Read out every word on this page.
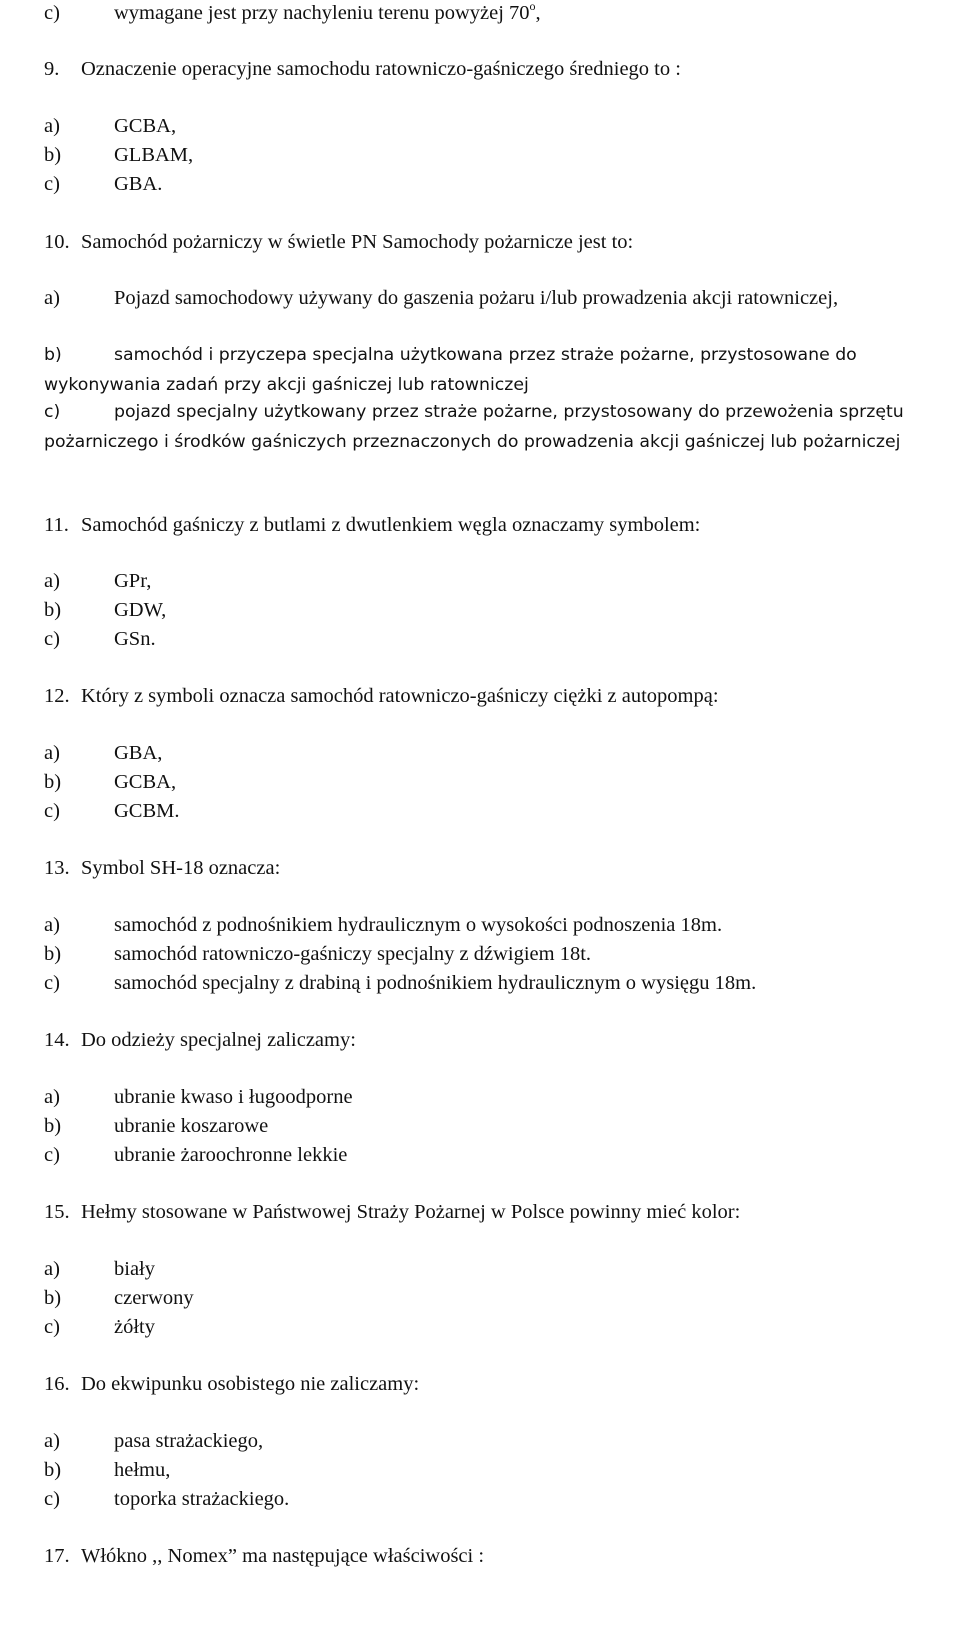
c)	wymagane jest przy nachyleniu terenu powyżej 70$^o$,
9. Oznaczenie operacyjne samochodu ratowniczo-gaśniczego średniego to :
a)	GCBA,
b)	GLBAM,
c)	GBA.
10. Samochód pożarniczy w świetle PN Samochody pożarnicze jest to:
a)	Pojazd samochodowy używany do gaszenia pożaru i/lub prowadzenia akcji ratowniczej,
b)	samochód i przyczepa specjalna użytkowana przez straże pożarne, przystosowane do wykonywania zadań przy akcji gaśniczej lub ratowniczej
c)	pojazd specjalny użytkowany przez straże pożarne, przystosowany do przewożenia sprzętu pożarniczego i środków gaśniczych przeznaczonych do prowadzenia akcji gaśniczej lub pożarniczej
11. Samochód gaśniczy z butlami z dwutlenkiem węgla oznaczamy symbolem:
a)	GPr,
b)	GDW,
c)	GSn.
12. Który z symboli oznacza samochód ratowniczo-gaśniczy ciężki z autopompą:
a)	GBA,
b)	GCBA,
c)	GCBM.
13. Symbol SH-18 oznacza:
a)	samochód z podnośnikiem hydraulicznym o wysokości podnoszenia 18m.
b)	samochód ratowniczo-gaśniczy specjalny z dźwigiem 18t.
c)	samochód specjalny z drabiną i podnośnikiem hydraulicznym o wysięgu 18m.
14. Do odzieży specjalnej zaliczamy:
a)	ubranie kwaso i ługoodporne
b)	ubranie koszarowe
c)	ubranie żaroochronne lekkie
15. Hełmy stosowane w Państwowej Straży Pożarnej w Polsce powinny mieć kolor:
a)	biały
b)	czerwony
c)	żółty
16. Do ekwipunku osobistego nie zaliczamy:
a)	pasa strażackiego,
b)	hełmu,
c)	toporka strażackiego.
17. Włókno ,, Nomex” ma następujące właściwości :
